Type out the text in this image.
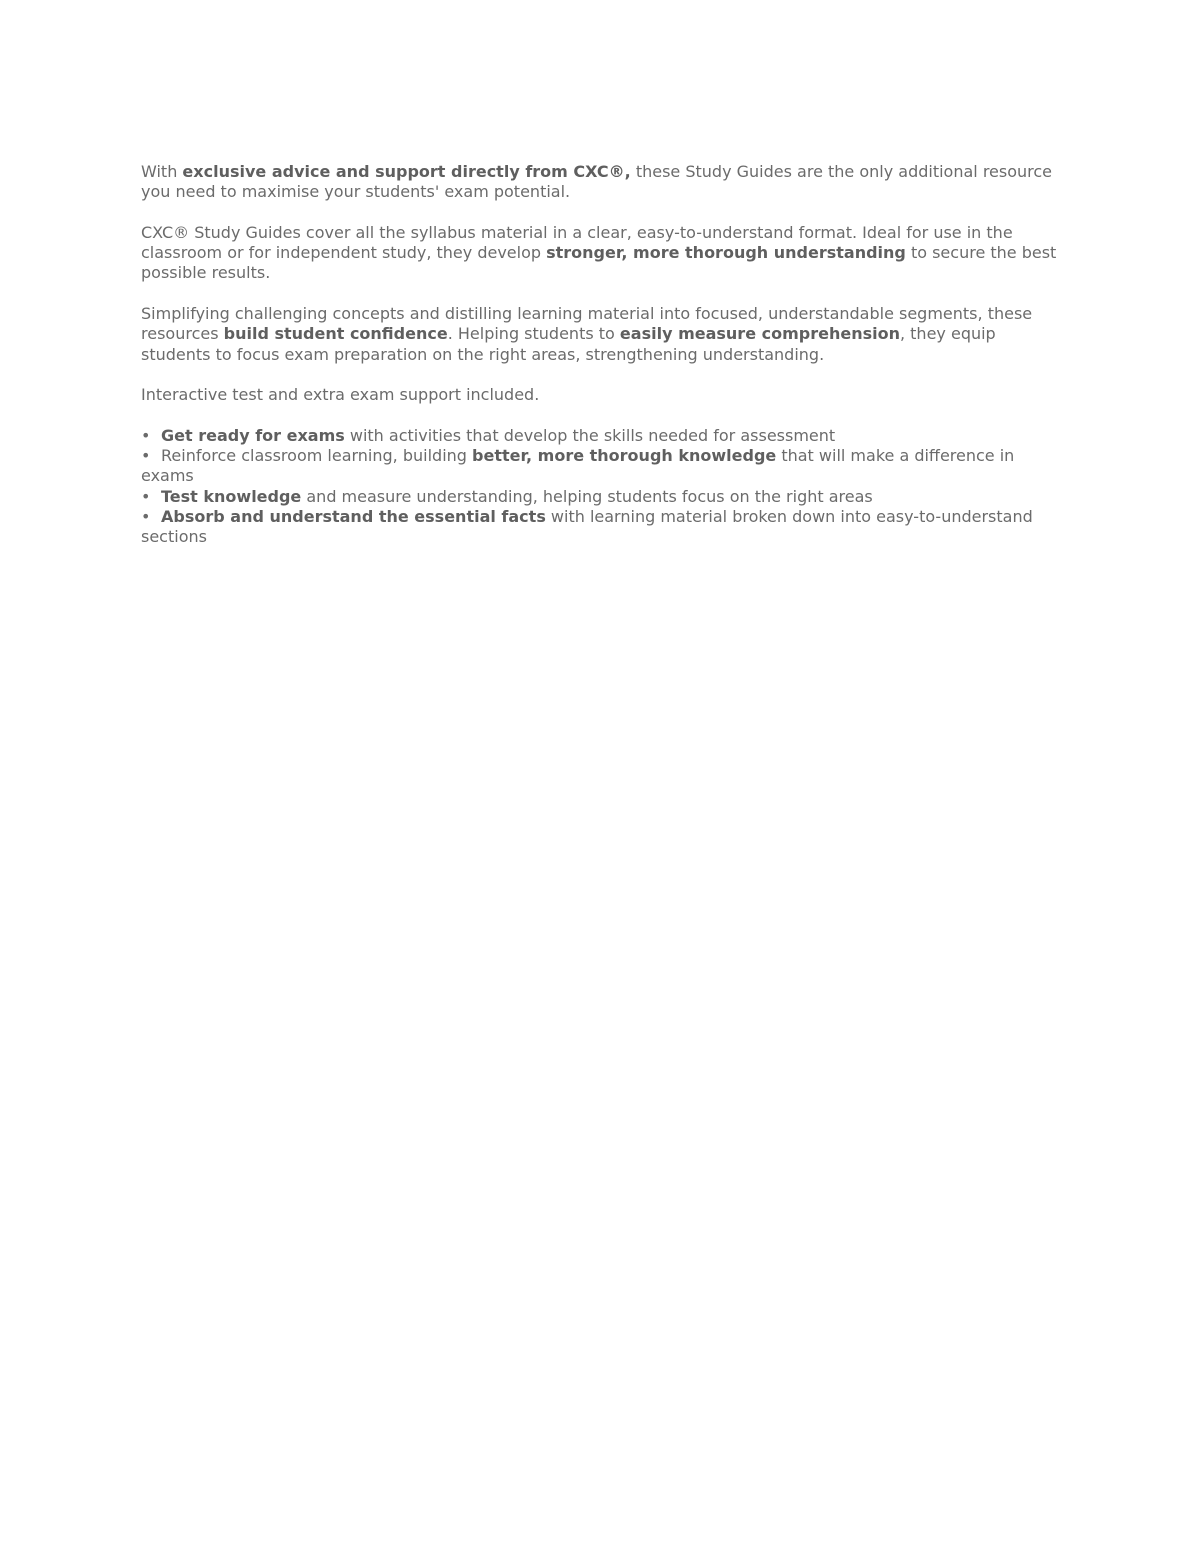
With exclusive advice and support directly from CXC®, these Study Guides are the only additional resource you need to maximise your students' exam potential.

CXC® Study Guides cover all the syllabus material in a clear, easy-to-understand format. Ideal for use in the classroom or for independent study, they develop stronger, more thorough understanding to secure the best possible results.

Simplifying challenging concepts and distilling learning material into focused, understandable segments, these resources build student confidence. Helping students to easily measure comprehension, they equip students to focus exam preparation on the right areas, strengthening understanding.

Interactive test and extra exam support included.

• Get ready for exams with activities that develop the skills needed for assessment
• Reinforce classroom learning, building better, more thorough knowledge that will make a difference in exams
• Test knowledge and measure understanding, helping students focus on the right areas
• Absorb and understand the essential facts with learning material broken down into easy-to-understand sections
